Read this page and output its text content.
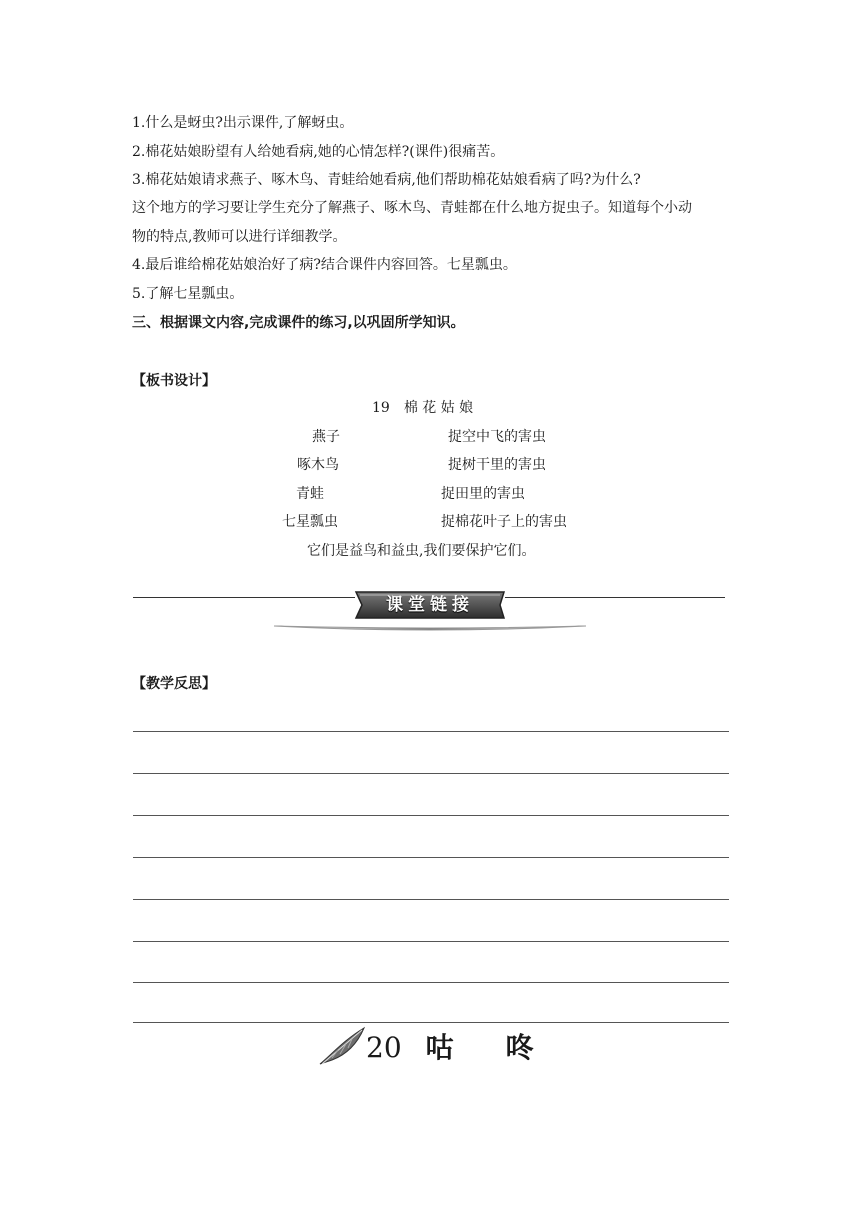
1.什么是蚜虫?出示课件,了解蚜虫。
2.棉花姑娘盼望有人给她看病,她的心情怎样?(课件)很痛苦。
3.棉花姑娘请求燕子、啄木鸟、青蛙给她看病,他们帮助棉花姑娘看病了吗?为什么?
这个地方的学习要让学生充分了解燕子、啄木鸟、青蛙都在什么地方捉虫子。知道每个小动
物的特点,教师可以进行详细教学。
4.最后谁给棉花姑娘治好了病?结合课件内容回答。七星瓢虫。
5.了解七星瓢虫。
三、根据课文内容,完成课件的练习,以巩固所学知识。
【板书设计】
19　棉 花 姑 娘
燕子	捉空中飞的害虫
啄木鸟	捉树干里的害虫
青蛙	捉田里的害虫
七星瓢虫	捉棉花叶子上的害虫
它们是益鸟和益虫,我们要保护它们。
课堂链接
【教学反思】
20 咕 咚
